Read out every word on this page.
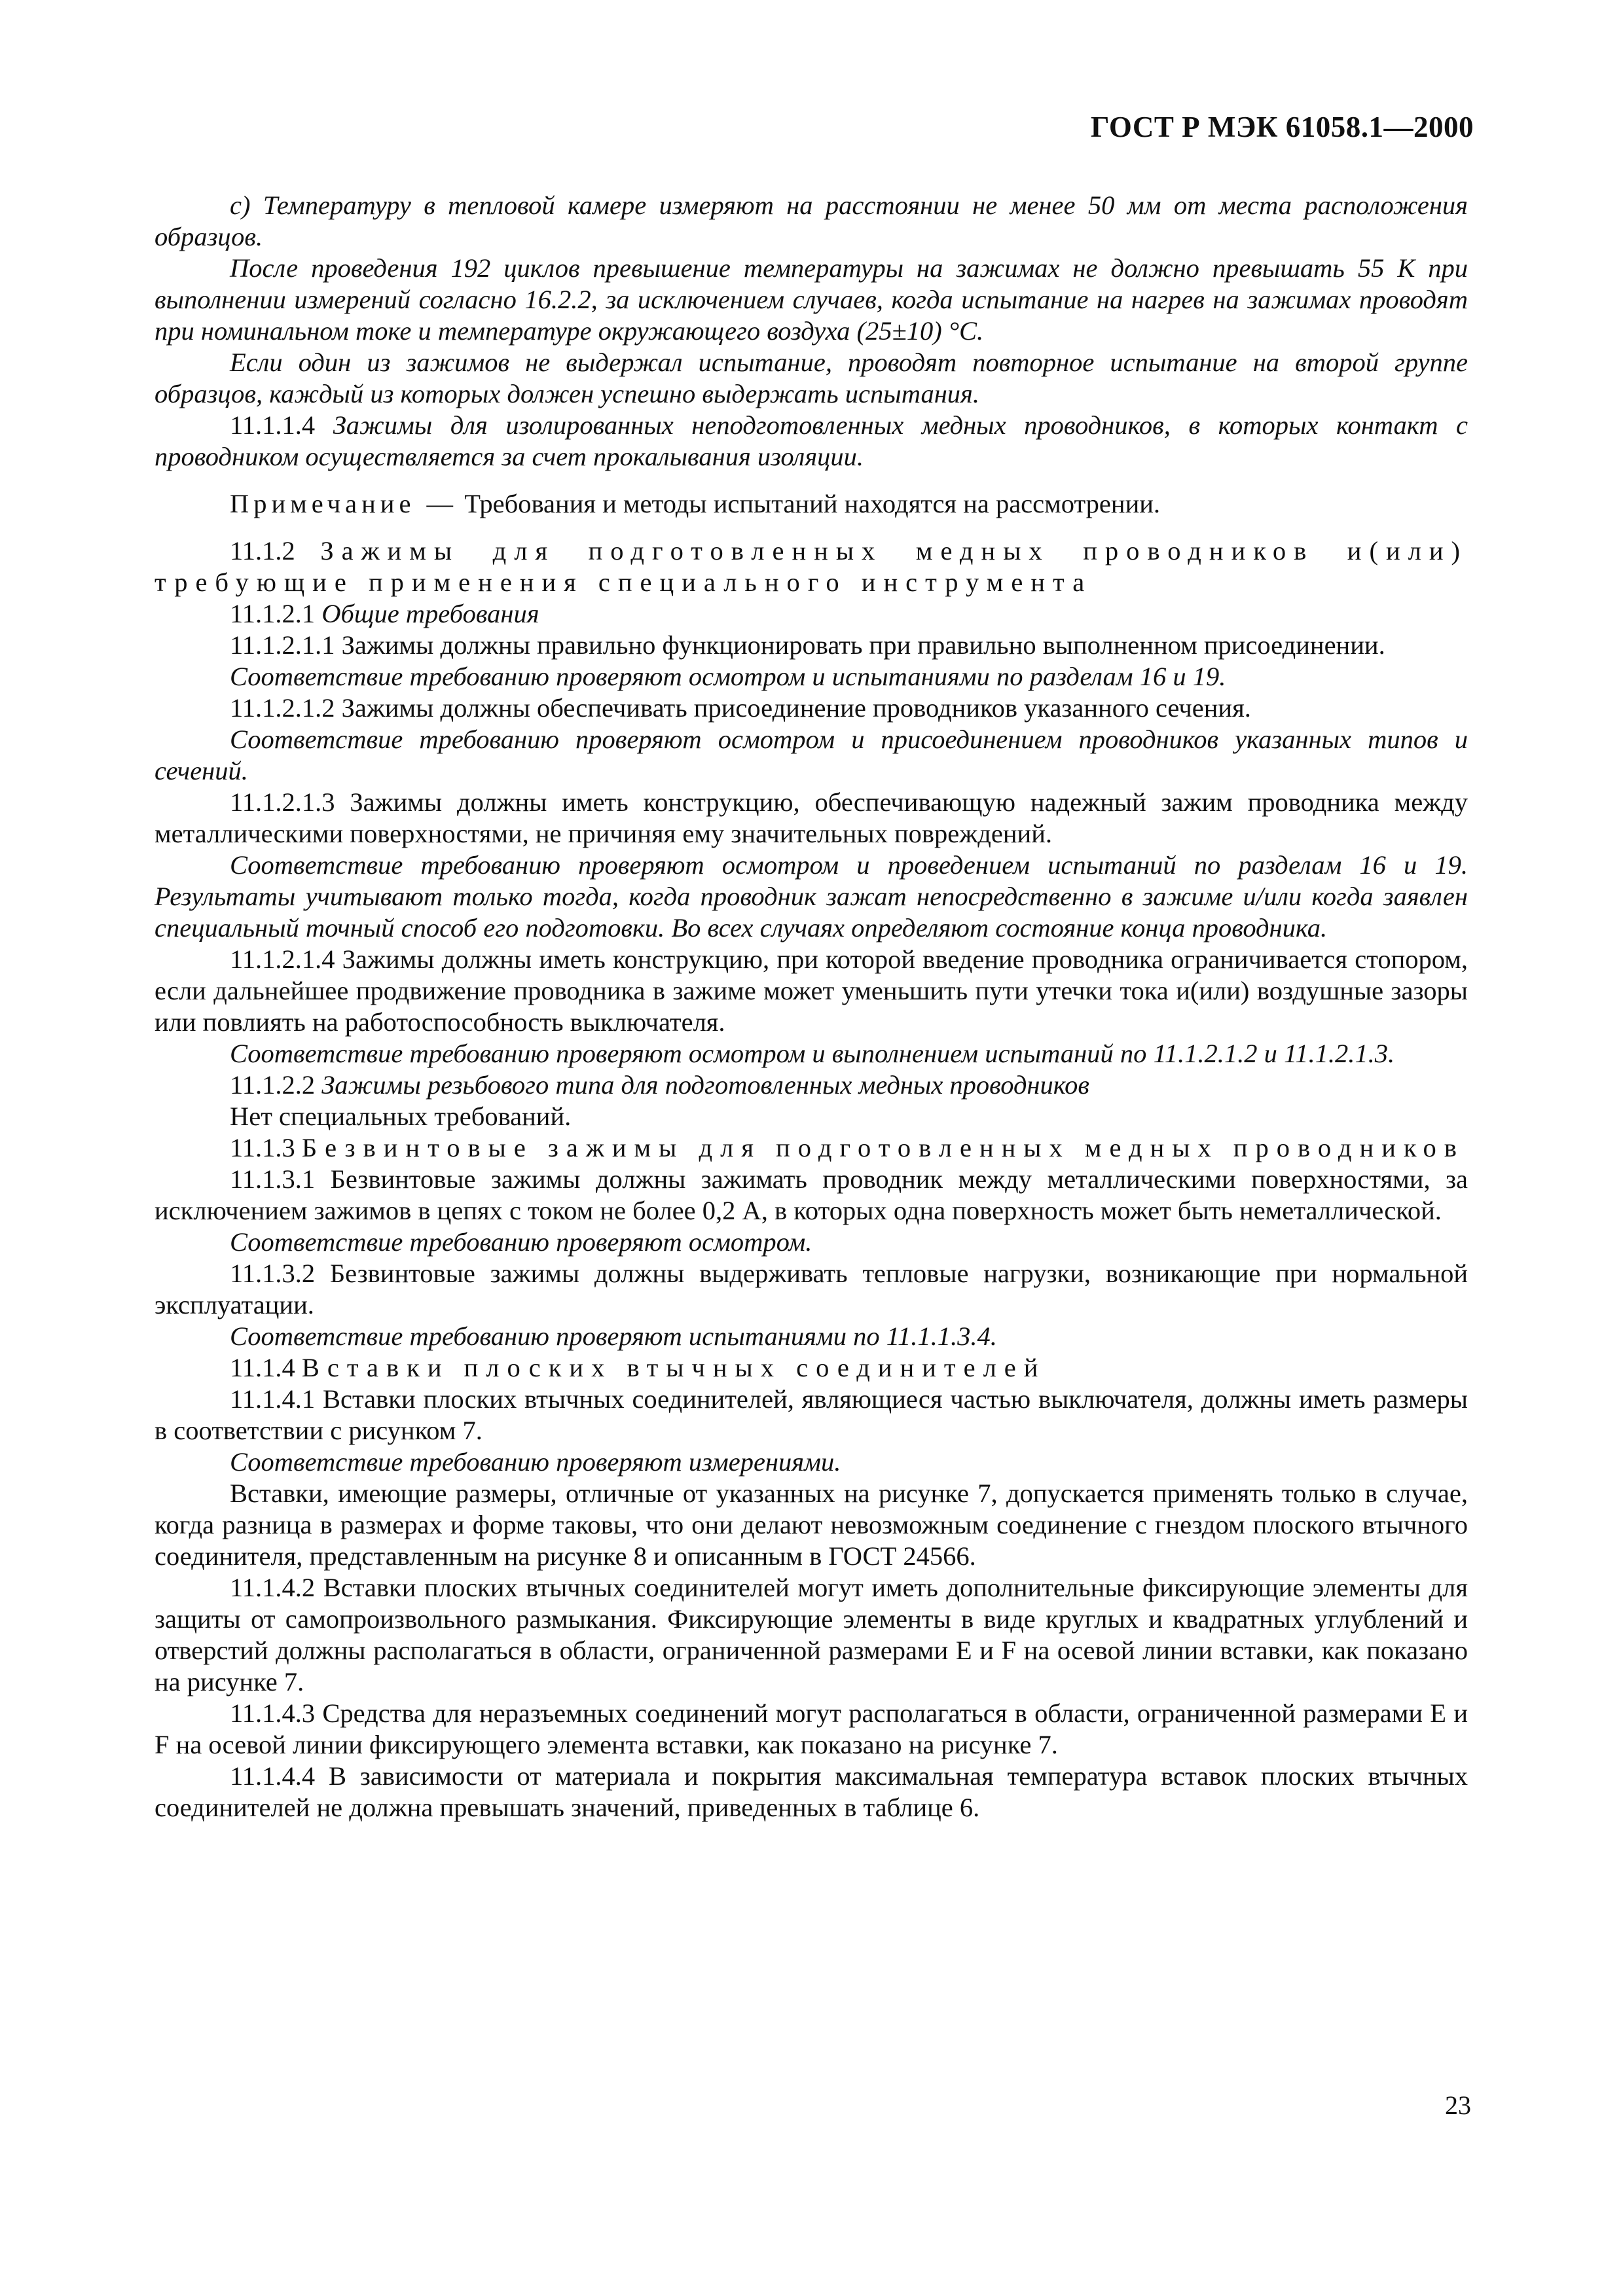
ГОСТ Р МЭК 61058.1—2000

c) Температуру в тепловой камере измеряют на расстоянии не менее 50 мм от места расположения образцов.

После проведения 192 циклов превышение температуры на зажимах не должно превышать 55 К при выполнении измерений согласно 16.2.2, за исключением случаев, когда испытание на нагрев на зажимах проводят при номинальном токе и температуре окружающего воздуха (25±10) °С.

Если один из зажимов не выдержал испытание, проводят повторное испытание на второй группе образцов, каждый из которых должен успешно выдержать испытания.

11.1.1.4 Зажимы для изолированных неподготовленных медных проводников, в которых контакт с проводником осуществляется за счет прокалывания изоляции.

Примечание — Требования и методы испытаний находятся на рассмотрении.

11.1.2 Зажимы для подготовленных медных проводников и(или) требующие применения специального инструмента

11.1.2.1 Общие требования

11.1.2.1.1 Зажимы должны правильно функционировать при правильно выполненном присоединении.

Соответствие требованию проверяют осмотром и испытаниями по разделам 16 и 19.

11.1.2.1.2 Зажимы должны обеспечивать присоединение проводников указанного сечения.

Соответствие требованию проверяют осмотром и присоединением проводников указанных типов и сечений.

11.1.2.1.3 Зажимы должны иметь конструкцию, обеспечивающую надежный зажим проводника между металлическими поверхностями, не причиняя ему значительных повреждений.

Соответствие требованию проверяют осмотром и проведением испытаний по разделам 16 и 19. Результаты учитывают только тогда, когда проводник зажат непосредственно в зажиме и/или когда заявлен специальный точный способ его подготовки. Во всех случаях определяют состояние конца проводника.

11.1.2.1.4 Зажимы должны иметь конструкцию, при которой введение проводника ограничивается стопором, если дальнейшее продвижение проводника в зажиме может уменьшить пути утечки тока и(или) воздушные зазоры или повлиять на работоспособность выключателя.

Соответствие требованию проверяют осмотром и выполнением испытаний по 11.1.2.1.2 и 11.1.2.1.3.

11.1.2.2 Зажимы резьбового типа для подготовленных медных проводников

Нет специальных требований.

11.1.3 Безвинтовые зажимы для подготовленных медных проводников

11.1.3.1 Безвинтовые зажимы должны зажимать проводник между металлическими поверхностями, за исключением зажимов в цепях с током не более 0,2 А, в которых одна поверхность может быть неметаллической.

Соответствие требованию проверяют осмотром.

11.1.3.2 Безвинтовые зажимы должны выдерживать тепловые нагрузки, возникающие при нормальной эксплуатации.

Соответствие требованию проверяют испытаниями по 11.1.1.3.4.

11.1.4 Вставки плоских втычных соединителей

11.1.4.1 Вставки плоских втычных соединителей, являющиеся частью выключателя, должны иметь размеры в соответствии с рисунком 7.

Соответствие требованию проверяют измерениями.

Вставки, имеющие размеры, отличные от указанных на рисунке 7, допускается применять только в случае, когда разница в размерах и форме таковы, что они делают невозможным соединение с гнездом плоского втычного соединителя, представленным на рисунке 8 и описанным в ГОСТ 24566.

11.1.4.2 Вставки плоских втычных соединителей могут иметь дополнительные фиксирующие элементы для защиты от самопроизвольного размыкания. Фиксирующие элементы в виде круглых и квадратных углублений и отверстий должны располагаться в области, ограниченной размерами Е и F на осевой линии вставки, как показано на рисунке 7.

11.1.4.3 Средства для неразъемных соединений могут располагаться в области, ограниченной размерами Е и F на осевой линии фиксирующего элемента вставки, как показано на рисунке 7.

11.1.4.4 В зависимости от материала и покрытия максимальная температура вставок плоских втычных соединителей не должна превышать значений, приведенных в таблице 6.

23
